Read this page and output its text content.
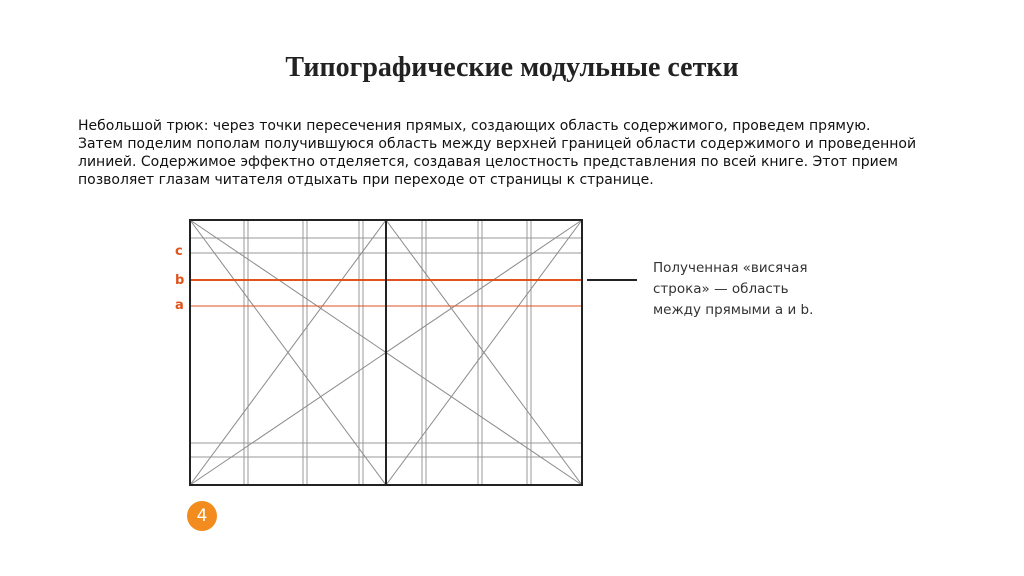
Типографические модульные сетки
Небольшой трюк: через точки пересечения прямых, создающих область содержимого, проведем прямую.
Затем поделим пополам получившуюся область между верхней границей области содержимого и проведенной
линией. Содержимое эффектно отделяется, создавая целостность представления по всей книге. Этот прием
позволяет глазам читателя отдыхать при переходе от страницы к странице.
c
b
a
Полученная «висячая
строка» — область
между прямыми a и b.
4
